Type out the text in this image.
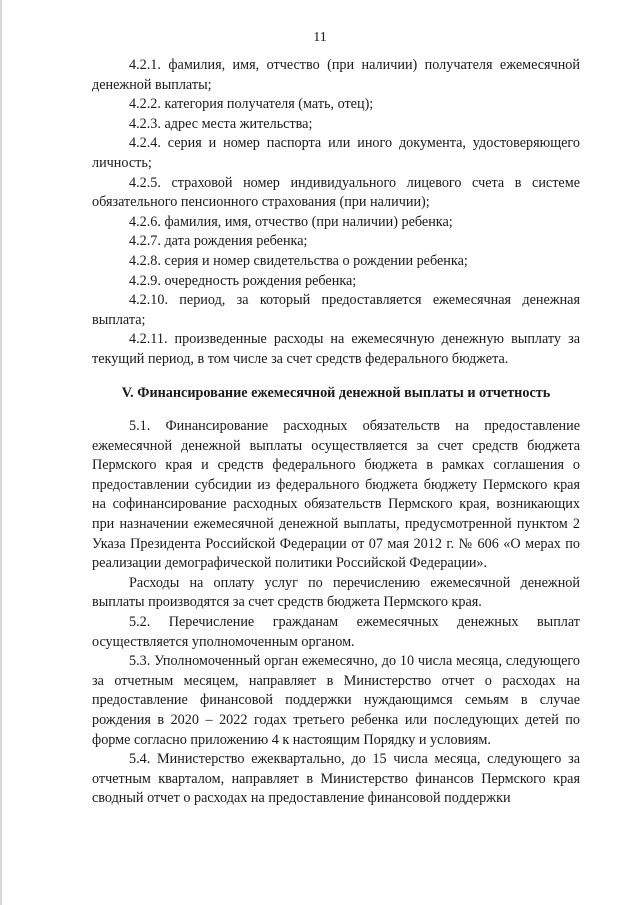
11

4.2.1. фамилия, имя, отчество (при наличии) получателя ежемесячной денежной выплаты;

4.2.2. категория получателя (мать, отец);

4.2.3. адрес места жительства;

4.2.4. серия и номер паспорта или иного документа, удостоверяющего личность;

4.2.5. страховой номер индивидуального лицевого счета в системе обязательного пенсионного страхования (при наличии);

4.2.6. фамилия, имя, отчество (при наличии) ребенка;

4.2.7. дата рождения ребенка;

4.2.8. серия и номер свидетельства о рождении ребенка;

4.2.9. очередность рождения ребенка;

4.2.10. период, за который предоставляется ежемесячная денежная выплата;

4.2.11. произведенные расходы на ежемесячную денежную выплату за текущий период, в том числе за счет средств федерального бюджета.

V. Финансирование ежемесячной денежной выплаты и отчетность

5.1. Финансирование расходных обязательств на предоставление ежемесячной денежной выплаты осуществляется за счет средств бюджета Пермского края и средств федерального бюджета в рамках соглашения о предоставлении субсидии из федерального бюджета бюджету Пермского края на софинансирование расходных обязательств Пермского края, возникающих при назначении ежемесячной денежной выплаты, предусмотренной пунктом 2 Указа Президента Российской Федерации от 07 мая 2012 г. № 606 «О мерах по реализации демографической политики Российской Федерации».

Расходы на оплату услуг по перечислению ежемесячной денежной выплаты производятся за счет средств бюджета Пермского края.

5.2. Перечисление гражданам ежемесячных денежных выплат осуществляется уполномоченным органом.

5.3. Уполномоченный орган ежемесячно, до 10 числа месяца, следующего за отчетным месяцем, направляет в Министерство отчет о расходах на предоставление финансовой поддержки нуждающимся семьям в случае рождения в 2020 – 2022 годах третьего ребенка или последующих детей по форме согласно приложению 4 к настоящим Порядку и условиям.

5.4. Министерство ежеквартально, до 15 числа месяца, следующего за отчетным кварталом, направляет в Министерство финансов Пермского края сводный отчет о расходах на предоставление финансовой поддержки
